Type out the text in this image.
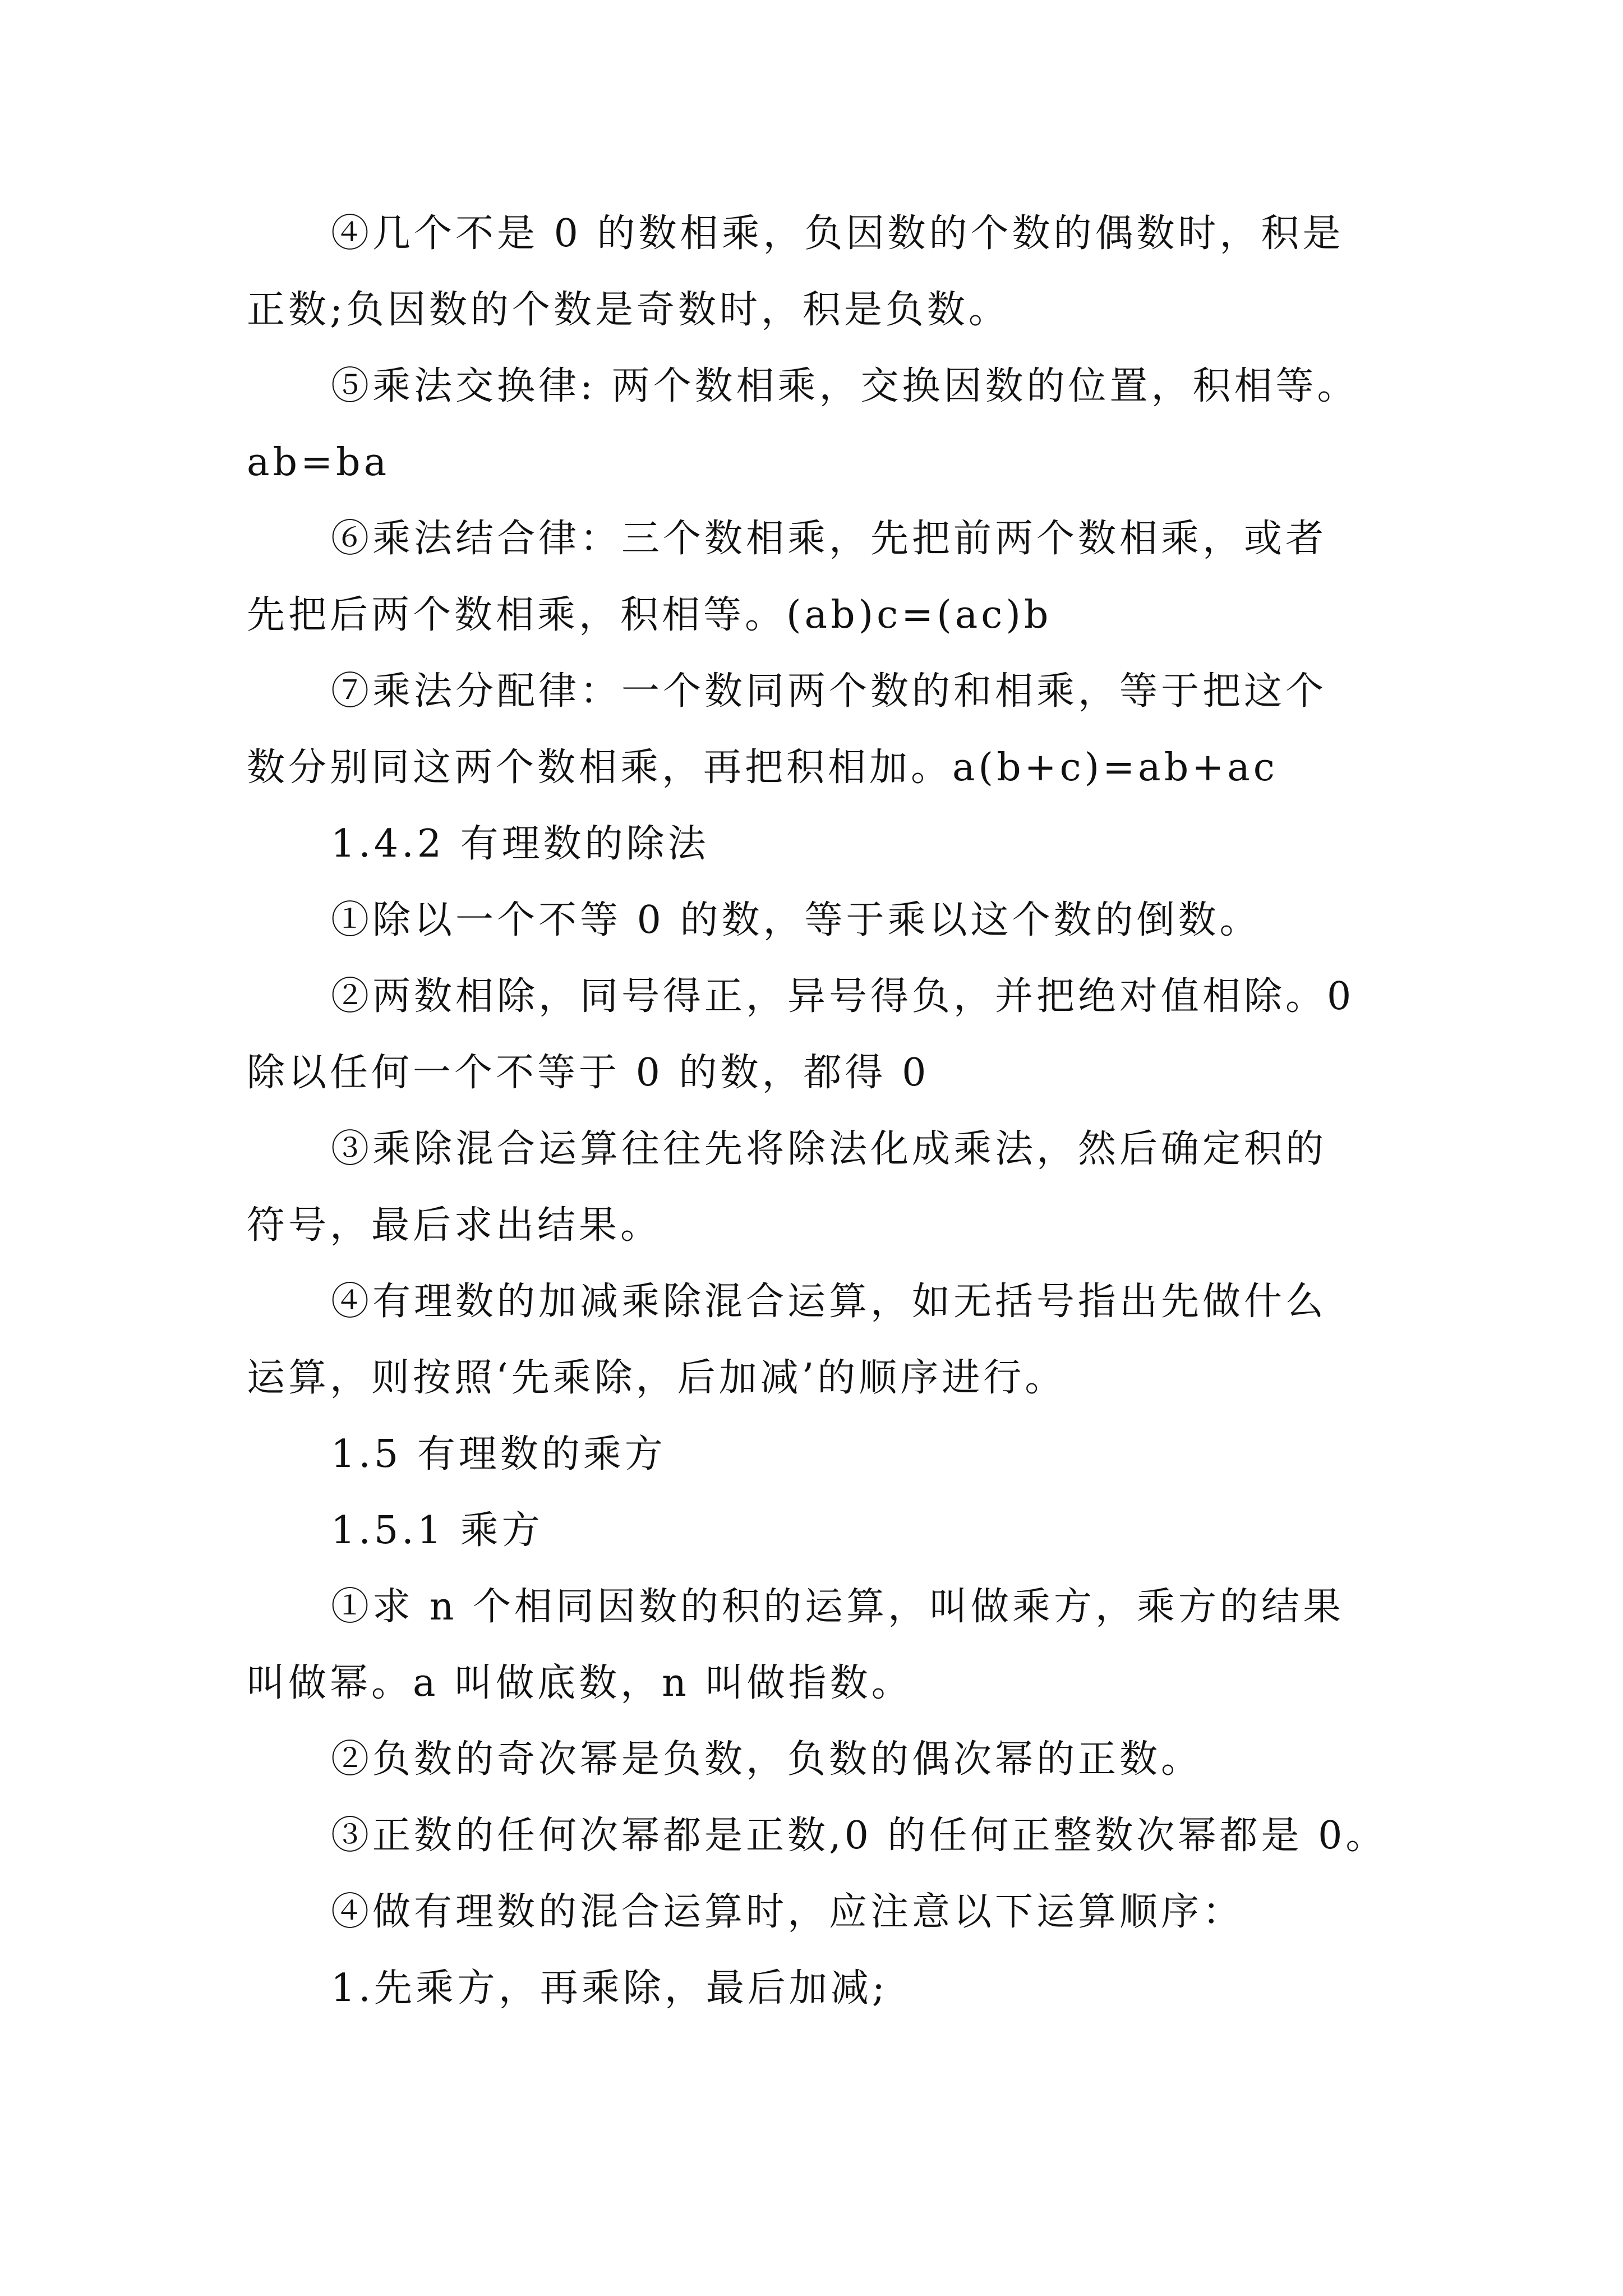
④几个不是 0 的数相乘，负因数的个数的偶数时，积是
正数;负因数的个数是奇数时，积是负数。
⑤乘法交换律: 两个数相乘，交换因数的位置，积相等。
ab=ba
⑥乘法结合律：三个数相乘，先把前两个数相乘，或者
先把后两个数相乘，积相等。(ab)c=(ac)b
⑦乘法分配律：一个数同两个数的和相乘，等于把这个
数分别同这两个数相乘，再把积相加。a(b+c)=ab+ac
1.4.2 有理数的除法
①除以一个不等 0 的数，等于乘以这个数的倒数。
②两数相除，同号得正，异号得负，并把绝对值相除。0
除以任何一个不等于 0 的数，都得 0
③乘除混合运算往往先将除法化成乘法，然后确定积的
符号，最后求出结果。
④有理数的加减乘除混合运算，如无括号指出先做什么
运算，则按照‘先乘除，后加减’的顺序进行。
1.5 有理数的乘方
1.5.1 乘方
①求 n 个相同因数的积的运算，叫做乘方，乘方的结果
叫做幂。a 叫做底数，n 叫做指数。
②负数的奇次幂是负数，负数的偶次幂的正数。
③正数的任何次幂都是正数,0 的任何正整数次幂都是 0。
④做有理数的混合运算时，应注意以下运算顺序：
1.先乘方，再乘除，最后加减;
